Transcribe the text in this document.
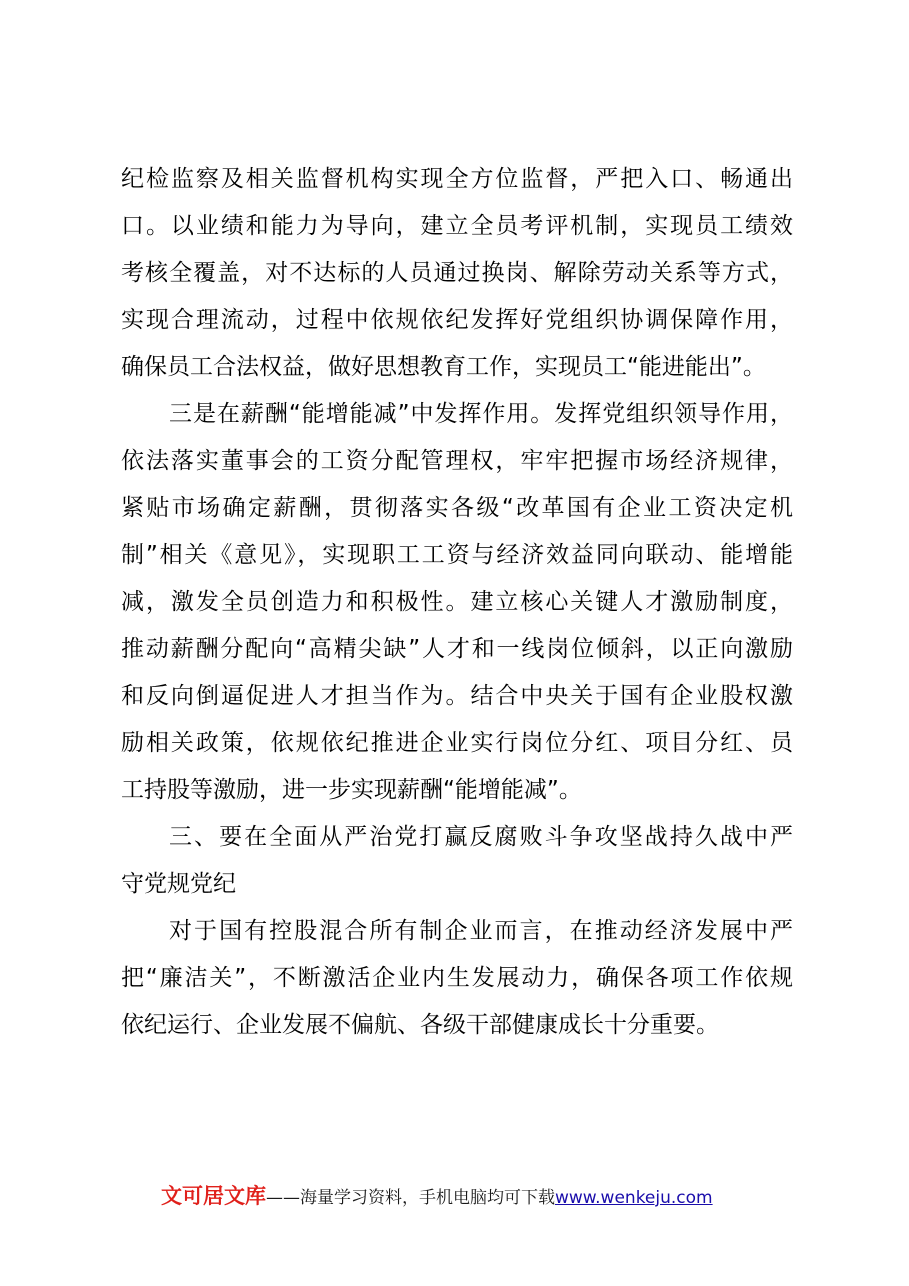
纪检监察及相关监督机构实现全方位监督，严把入口、畅通出
口。以业绩和能力为导向，建立全员考评机制，实现员工绩效
考核全覆盖，对不达标的人员通过换岗、解除劳动关系等方式，
实现合理流动，过程中依规依纪发挥好党组织协调保障作用，
确保员工合法权益，做好思想教育工作，实现员工“能进能出”。
三是在薪酬“能增能减”中发挥作用。发挥党组织领导作用，
依法落实董事会的工资分配管理权，牢牢把握市场经济规律，
紧贴市场确定薪酬，贯彻落实各级“改革国有企业工资决定机
制”相关《意见》，实现职工工资与经济效益同向联动、能增能
减，激发全员创造力和积极性。建立核心关键人才激励制度，
推动薪酬分配向“高精尖缺”人才和一线岗位倾斜，以正向激励
和反向倒逼促进人才担当作为。结合中央关于国有企业股权激
励相关政策，依规依纪推进企业实行岗位分红、项目分红、员
工持股等激励，进一步实现薪酬“能增能减”。
三、要在全面从严治党打赢反腐败斗争攻坚战持久战中严
守党规党纪
对于国有控股混合所有制企业而言，在推动经济发展中严
把“廉洁关”，不断激活企业内生发展动力，确保各项工作依规
依纪运行、企业发展不偏航、各级干部健康成长十分重要。
文可居文库——海量学习资料，手机电脑均可下载www.wenkeju.com
